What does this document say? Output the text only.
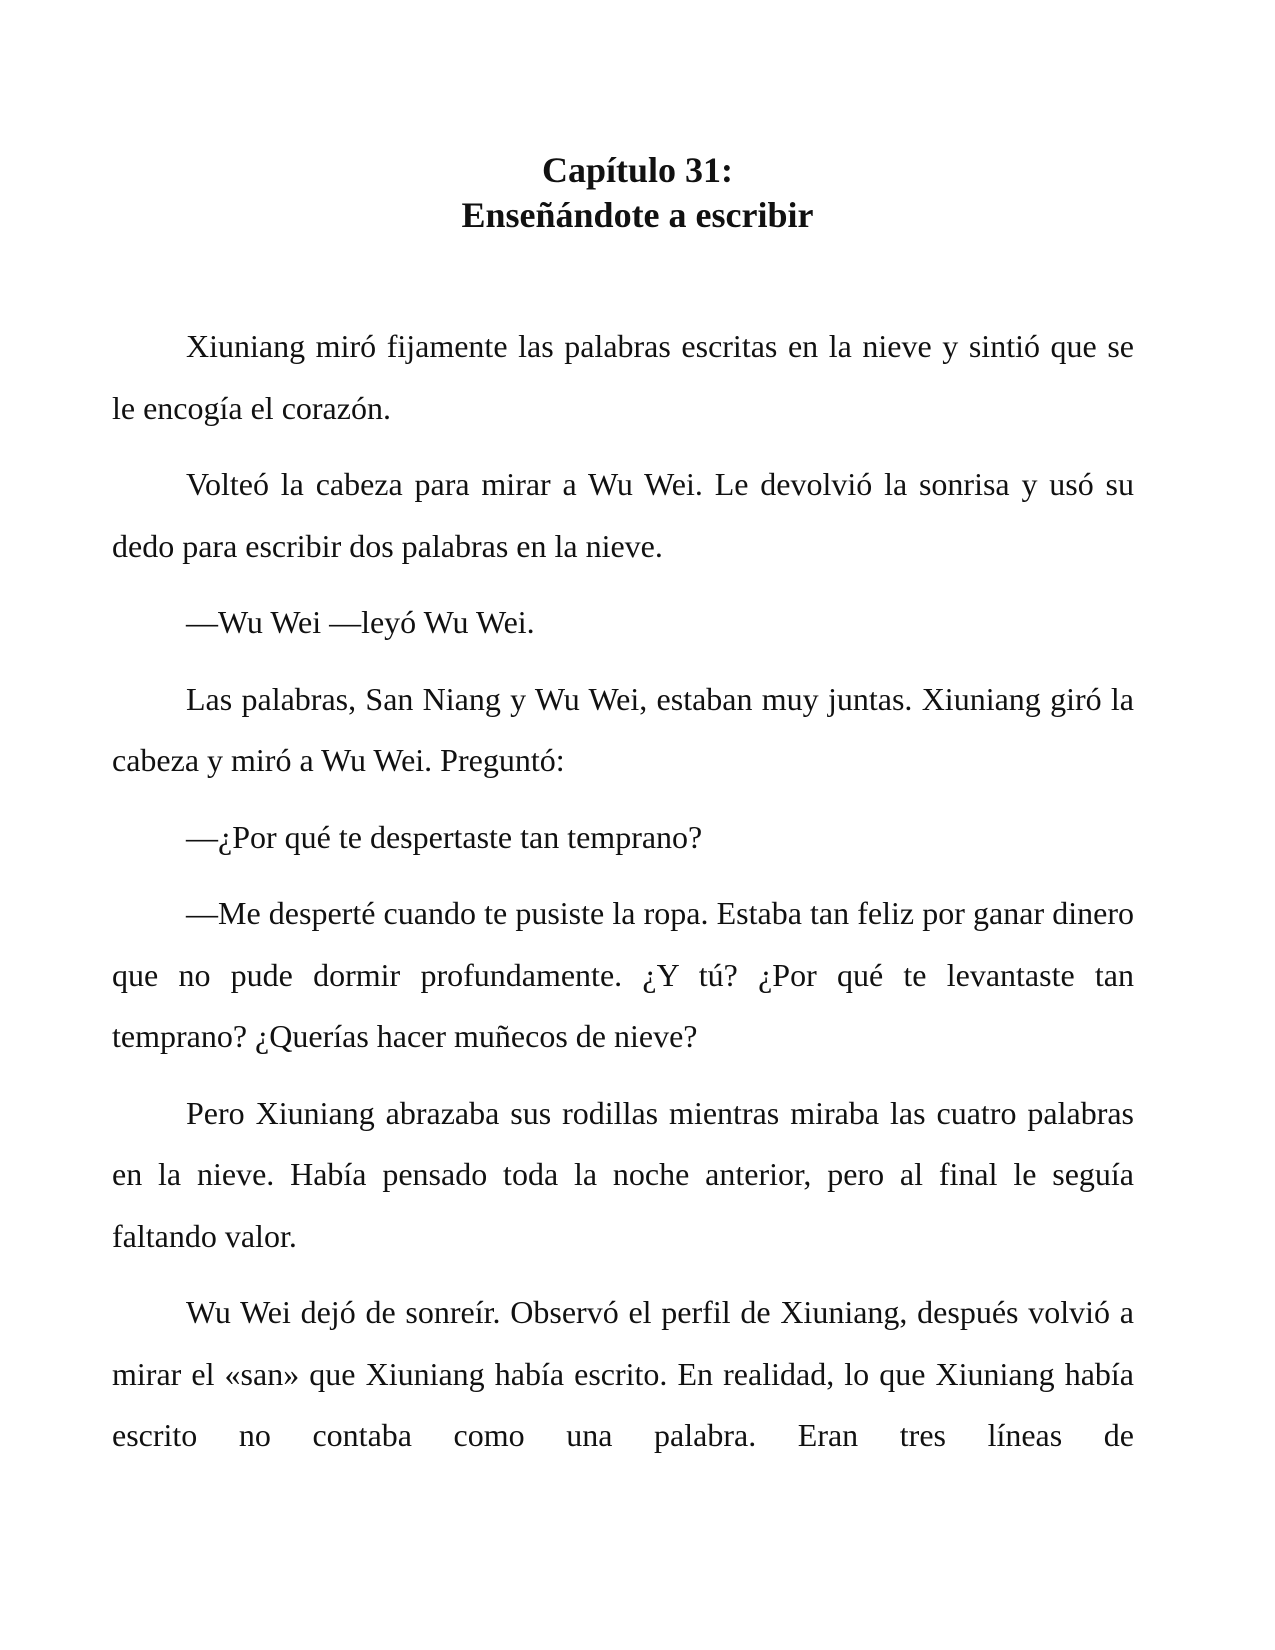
Capítulo 31:
Enseñándote a escribir

Xiuniang miró fijamente las palabras escritas en la nieve y sintió que se le encogía el corazón.

Volteó la cabeza para mirar a Wu Wei. Le devolvió la sonrisa y usó su dedo para escribir dos palabras en la nieve.

—Wu Wei —leyó Wu Wei.

Las palabras, San Niang y Wu Wei, estaban muy juntas. Xiuniang giró la cabeza y miró a Wu Wei. Preguntó:

—¿Por qué te despertaste tan temprano?

—Me desperté cuando te pusiste la ropa. Estaba tan feliz por ganar dinero que no pude dormir profundamente. ¿Y tú? ¿Por qué te levantaste tan temprano? ¿Querías hacer muñecos de nieve?

Pero Xiuniang abrazaba sus rodillas mientras miraba las cuatro palabras en la nieve. Había pensado toda la noche anterior, pero al final le seguía faltando valor.

Wu Wei dejó de sonreír. Observó el perfil de Xiuniang, después volvió a mirar el «san» que Xiuniang había escrito. En realidad, lo que Xiuniang había escrito no contaba como una palabra. Eran tres líneas de
